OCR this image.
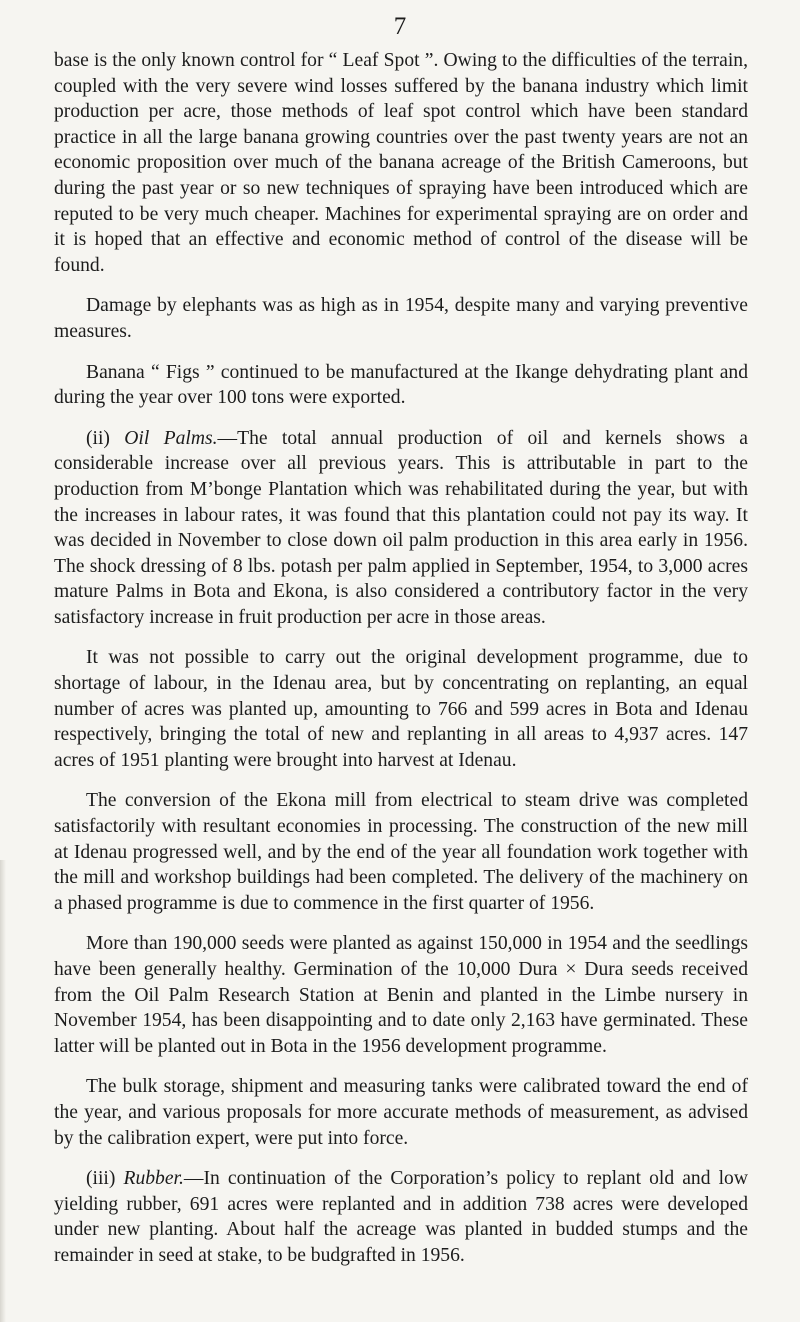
7

base is the only known control for “ Leaf Spot ”. Owing to the difficulties of the terrain, coupled with the very severe wind losses suffered by the banana industry which limit production per acre, those methods of leaf spot control which have been standard practice in all the large banana growing countries over the past twenty years are not an economic proposition over much of the banana acreage of the British Cameroons, but during the past year or so new techniques of spraying have been introduced which are reputed to be very much cheaper. Machines for experimental spraying are on order and it is hoped that an effective and economic method of control of the disease will be found.

Damage by elephants was as high as in 1954, despite many and varying preventive measures.

Banana “ Figs ” continued to be manufactured at the Ikange dehydrating plant and during the year over 100 tons were exported.

(ii) Oil Palms.—The total annual production of oil and kernels shows a considerable increase over all previous years. This is attributable in part to the production from M’bonge Plantation which was rehabilitated during the year, but with the increases in labour rates, it was found that this plantation could not pay its way. It was decided in November to close down oil palm production in this area early in 1956. The shock dressing of 8 lbs. potash per palm applied in September, 1954, to 3,000 acres mature Palms in Bota and Ekona, is also considered a contributory factor in the very satisfactory increase in fruit production per acre in those areas.

It was not possible to carry out the original development programme, due to shortage of labour, in the Idenau area, but by concentrating on replanting, an equal number of acres was planted up, amounting to 766 and 599 acres in Bota and Idenau respectively, bringing the total of new and replanting in all areas to 4,937 acres. 147 acres of 1951 planting were brought into harvest at Idenau.

The conversion of the Ekona mill from electrical to steam drive was completed satisfactorily with resultant economies in processing. The construction of the new mill at Idenau progressed well, and by the end of the year all foundation work together with the mill and workshop buildings had been completed. The delivery of the machinery on a phased programme is due to commence in the first quarter of 1956.

More than 190,000 seeds were planted as against 150,000 in 1954 and the seedlings have been generally healthy. Germination of the 10,000 Dura × Dura seeds received from the Oil Palm Research Station at Benin and planted in the Limbe nursery in November 1954, has been disappointing and to date only 2,163 have germinated. These latter will be planted out in Bota in the 1956 development programme.

The bulk storage, shipment and measuring tanks were calibrated toward the end of the year, and various proposals for more accurate methods of measurement, as advised by the calibration expert, were put into force.

(iii) Rubber.—In continuation of the Corporation’s policy to replant old and low yielding rubber, 691 acres were replanted and in addition 738 acres were developed under new planting. About half the acreage was planted in budded stumps and the remainder in seed at stake, to be budgrafted in 1956.
